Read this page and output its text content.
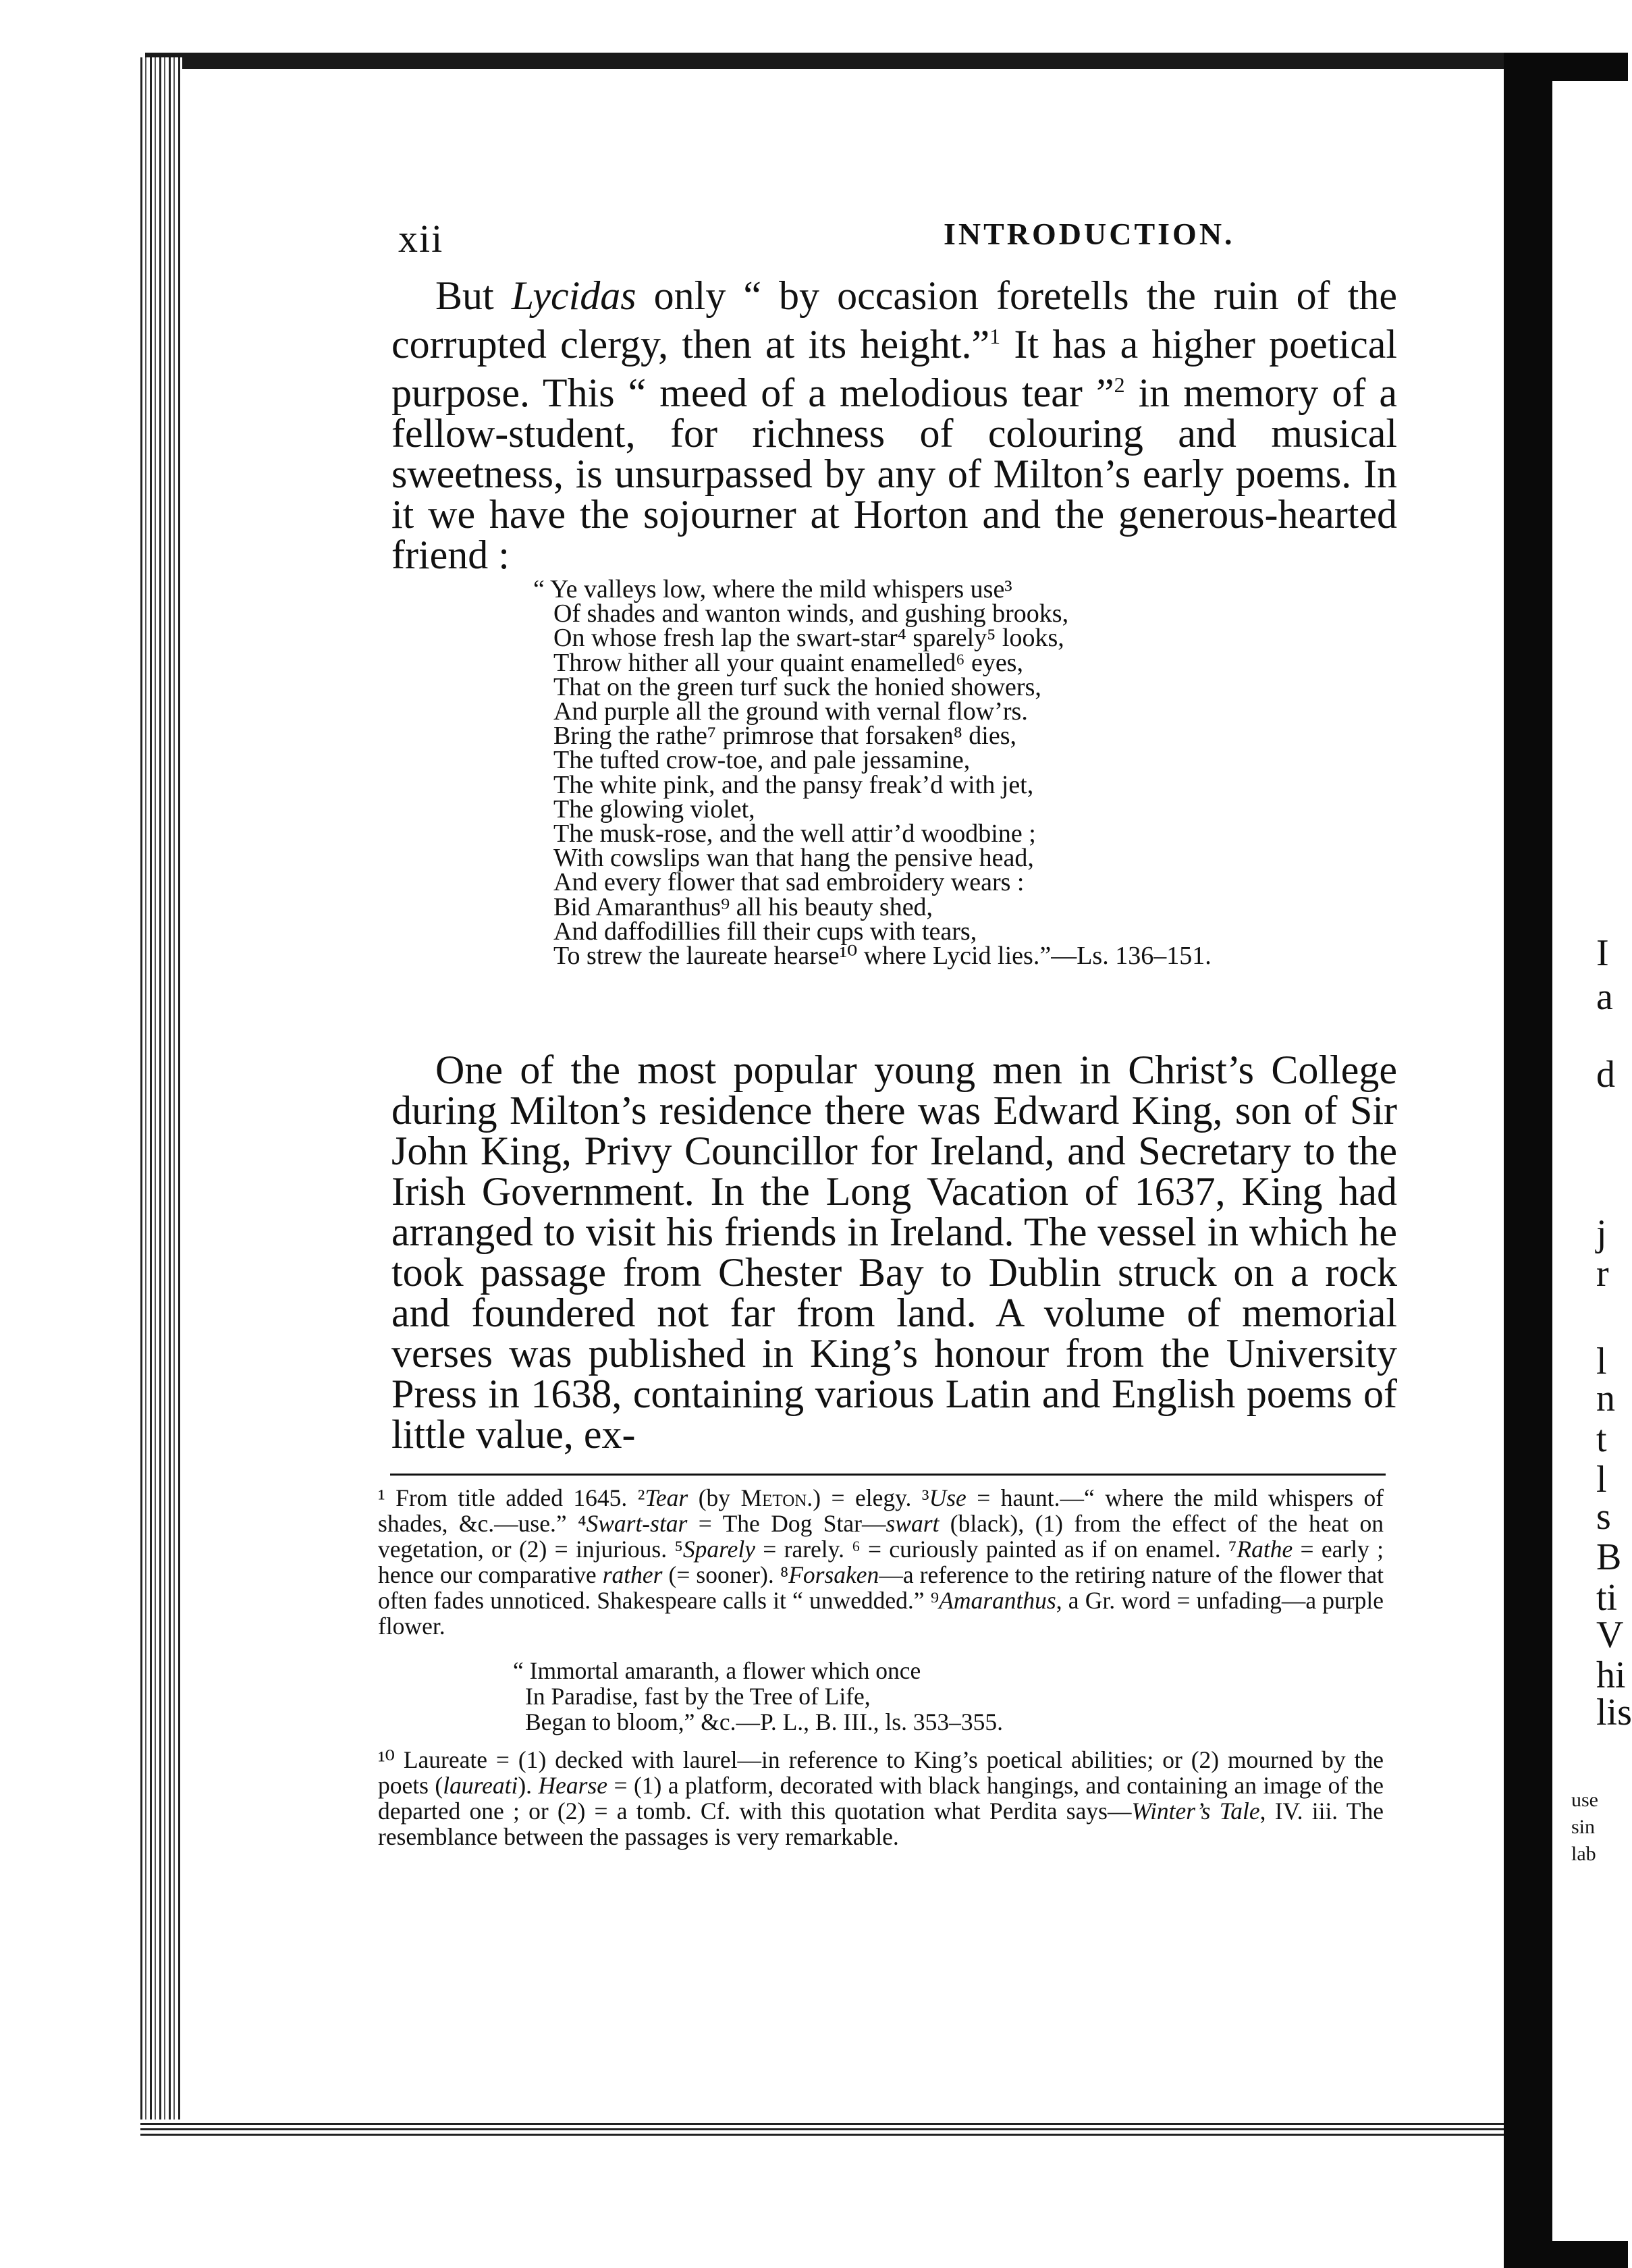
I
a
d
j
r
l
n
t
l
s
B
ti
V
hi
lis
use
sin
lab
xii	INTRODUCTION.

But Lycidas only “ by occasion foretells the ruin of the corrupted clergy, then at its height.”$^1$ It has a higher poetical purpose. This “ meed of a melodious tear ”$^2$ in memory of a fellow-student, for richness of colouring and musical sweetness, is unsurpassed by any of Milton’s early poems. In it we have the sojourner at Horton and the generous-hearted friend :

“ Ye valleys low, where the mild whispers use³
Of shades and wanton winds, and gushing brooks,
On whose fresh lap the swart-star⁴ sparely⁵ looks,
Throw hither all your quaint enamelled⁶ eyes,
That on the green turf suck the honied showers,
And purple all the ground with vernal flow’rs.
Bring the rathe⁷ primrose that forsaken⁸ dies,
The tufted crow-toe, and pale jessamine,
The white pink, and the pansy freak’d with jet,
The glowing violet,
The musk-rose, and the well attir’d woodbine ;
With cowslips wan that hang the pensive head,
And every flower that sad embroidery wears :
Bid Amaranthus⁹ all his beauty shed,
And daffodillies fill their cups with tears,
To strew the laureate hearse¹⁰ where Lycid lies.”—Ls. 136–151.

One of the most popular young men in Christ’s College during Milton’s residence there was Edward King, son of Sir John King, Privy Councillor for Ireland, and Secretary to the Irish Government. In the Long Vacation of 1637, King had arranged to visit his friends in Ireland. The vessel in which he took passage from Chester Bay to Dublin struck on a rock and foundered not far from land. A volume of memorial verses was published in King’s honour from the University Press in 1638, containing various Latin and English poems of little value, ex-

¹ From title added 1645. ²Tear (by Meton.) = elegy. ³Use = haunt.—“ where the mild whispers of shades, &c.—use.” ⁴Swart-star = The Dog Star—swart (black), (1) from the effect of the heat on vegetation, or (2) = injurious. ⁵Sparely = rarely. ⁶ = curiously painted as if on enamel. ⁷Rathe = early ; hence our comparative rather (= sooner). ⁸Forsaken—a reference to the retiring nature of the flower that often fades unnoticed. Shakespeare calls it “ unwedded.” ⁹Amaranthus, a Gr. word = unfading—a purple flower.

“ Immortal amaranth, a flower which once
In Paradise, fast by the Tree of Life,
Began to bloom,” &c.—P. L., B. III., ls. 353–355.

¹⁰ Laureate = (1) decked with laurel—in reference to King’s poetical abilities; or (2) mourned by the poets (laureati). Hearse = (1) a platform, decorated with black hangings, and containing an image of the departed one ; or (2) = a tomb. Cf. with this quotation what Perdita says—Winter’s Tale, IV. iii. The resemblance between the passages is very remarkable.
